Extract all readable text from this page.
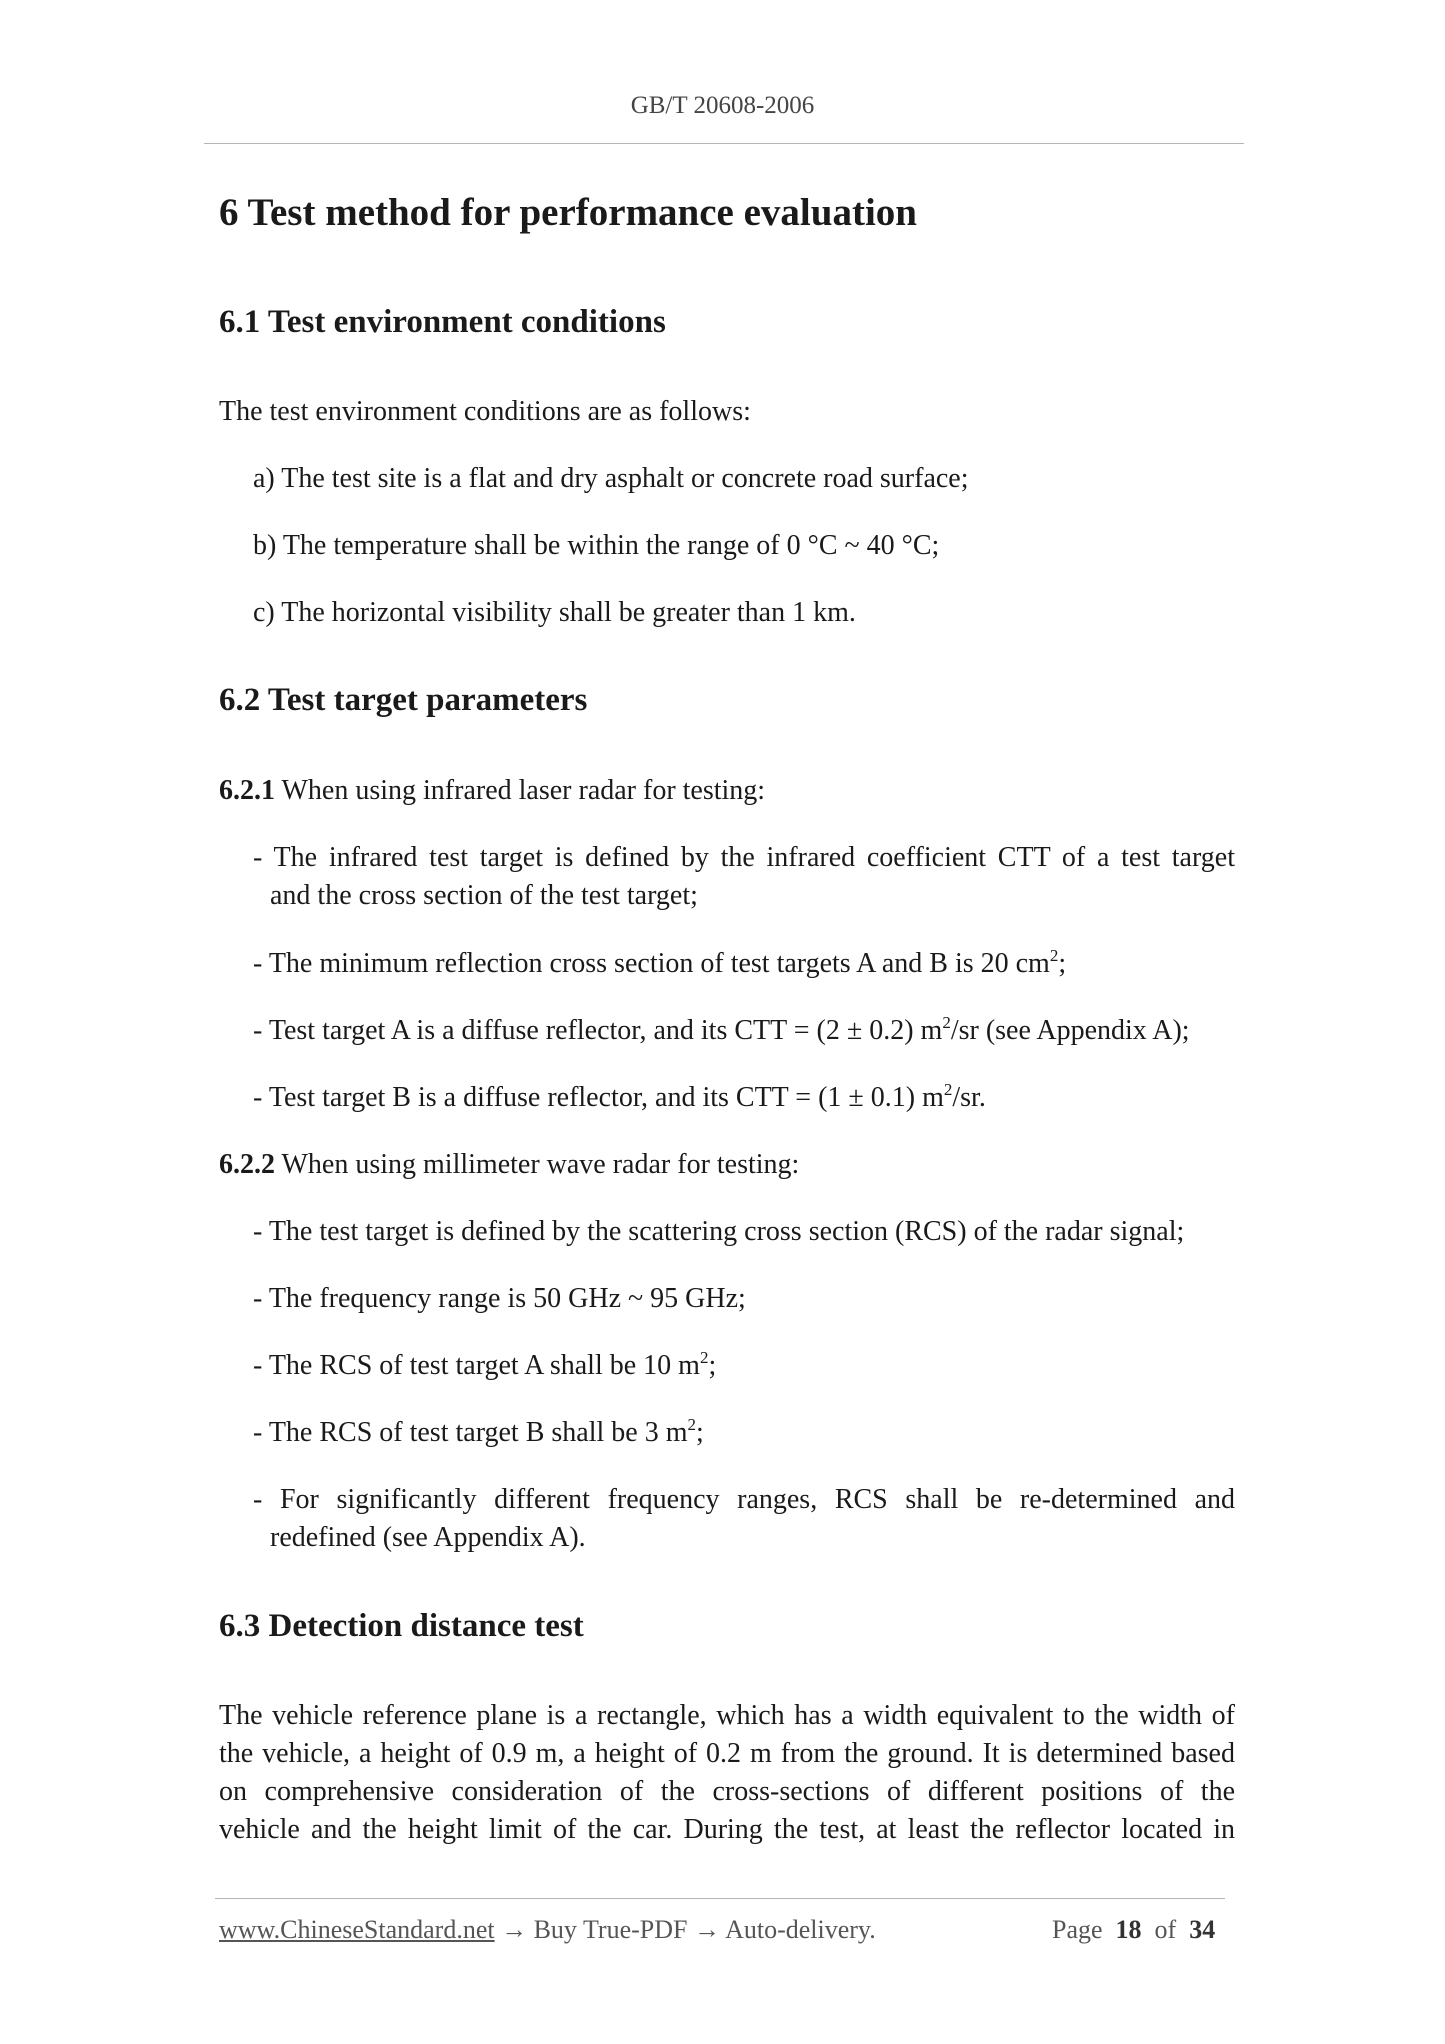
GB/T 20608-2006
6 Test method for performance evaluation
6.1 Test environment conditions

The test environment conditions are as follows:

a) The test site is a flat and dry asphalt or concrete road surface;

b) The temperature shall be within the range of 0 °C ~ 40 °C;

c) The horizontal visibility shall be greater than 1 km.

6.2 Test target parameters

6.2.1 When using infrared laser radar for testing:

- The infrared test target is defined by the infrared coefficient CTT of a test target

and the cross section of the test target;

- The minimum reflection cross section of test targets A and B is 20 $cm^2$;

- Test target A is a diffuse reflector, and its CTT = (2 ± 0.2) $m^2/sr$ (see Appendix A);

- Test target B is a diffuse reflector, and its CTT = (1 ± 0.1) $m^2/sr$.

6.2.2 When using millimeter wave radar for testing:

- The test target is defined by the scattering cross section (RCS) of the radar signal;

- The frequency range is 50 GHz ~ 95 GHz;

- The RCS of test target A shall be 10 $m^2$;

- The RCS of test target B shall be 3 $m^2$;

- For significantly different frequency ranges, RCS shall be re-determined and

redefined (see Appendix A).

6.3 Detection distance test

The vehicle reference plane is a rectangle, which has a width equivalent to the width of

the vehicle, a height of 0.9 m, a height of 0.2 m from the ground. It is determined based

on comprehensive consideration of the cross-sections of different positions of the

vehicle and the height limit of the car. During the test, at least the reflector located in

www.ChineseStandard.net → Buy True-PDF → Auto-delivery.	Page 18 of 34
